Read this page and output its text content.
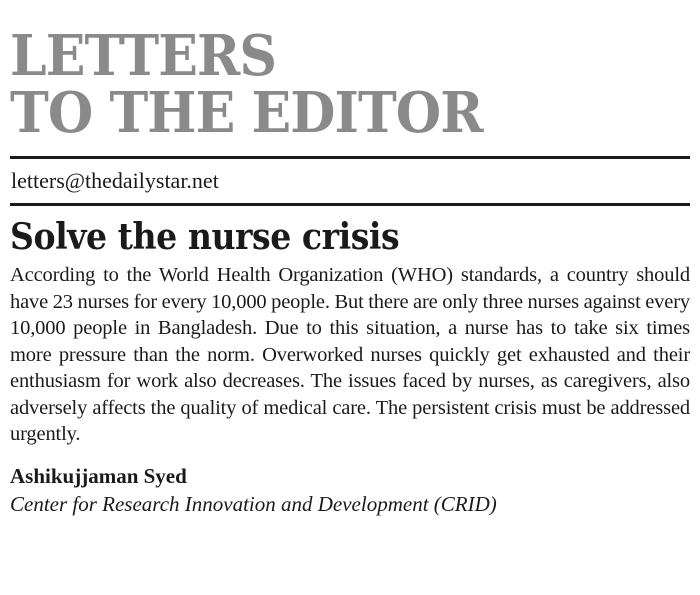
LETTERS
TO THE EDITOR
letters@thedailystar.net
Solve the nurse crisis

According to the World Health Organization (WHO) standards, a country should have 23 nurses for every 10,000 people. But there are only three nurses against every 10,000 people in Bangladesh. Due to this situation, a nurse has to take six times more pressure than the norm. Overworked nurses quickly get exhausted and their enthusiasm for work also decreases. The issues faced by nurses, as caregivers, also adversely affects the quality of medical care. The persistent crisis must be addressed urgently.

Ashikujjaman Syed
Center for Research Innovation and Development (CRID)
